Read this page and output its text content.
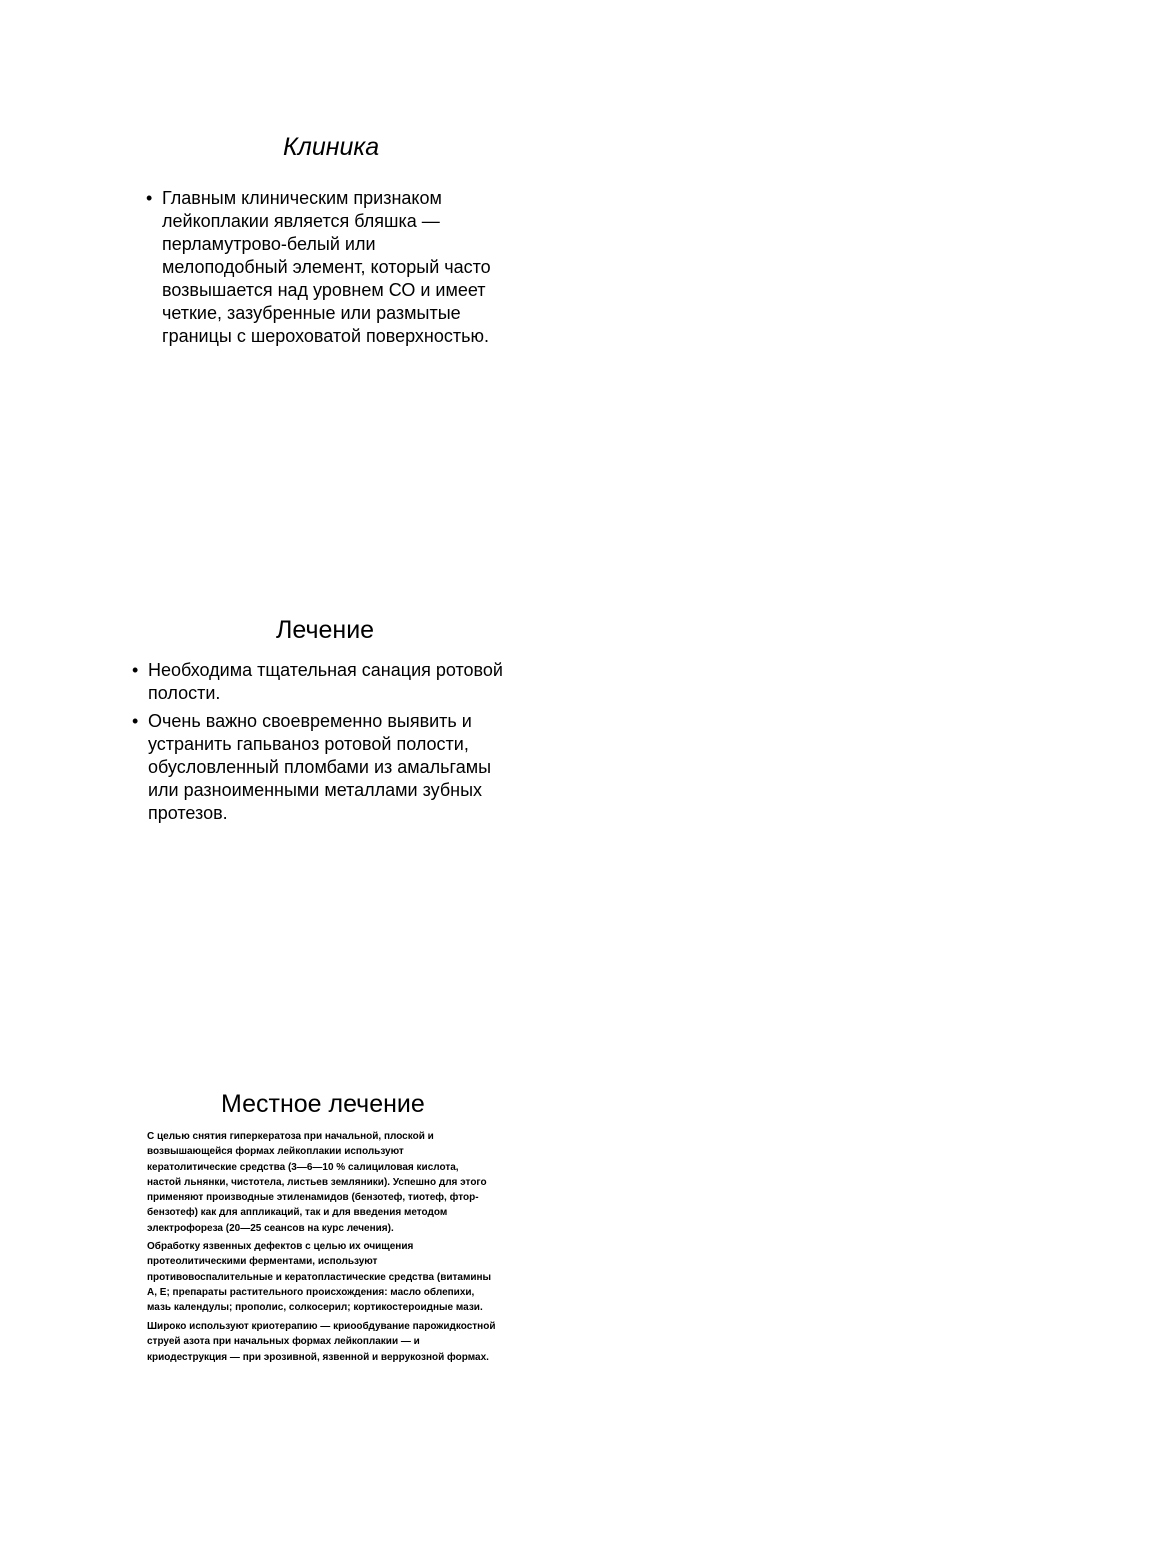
Клиника
• Главным клиническим признаком
лейкоплакии является бляшка —
перламутрово-белый или
мелоподобный элемент, который часто
возвышается над уровнем СО и имеет
четкие, зазубренные или размытые
границы с шероховатой поверхностью.
Лечение
• Необходима тщательная санация ротовой
полости.
• Очень важно своевременно выявить и
устранить гапьваноз ротовой полости,
обусловленный пломбами из амальгамы
или разноименными металлами зубных
протезов.
Местное лечение
С целью снятия гиперкератоза при начальной, плоской и
возвышающейся формах лейкоплакии используют
кератолитические средства (3—6—10 % салициловая кислота,
настой льнянки, чистотела, листьев земляники). Успешно для этого
применяют производные этиленамидов (бензотеф, тиотеф, фтор-
бензотеф) как для аппликаций, так и для введения методом
электрофореза (20—25 сеансов на курс лечения).
Обработку язвенных дефектов с целью их очищения
протеолитическими ферментами, используют
противовоспалительные и кератопластические средства (витамины
А, Е; препараты растительного происхождения: масло облепихи,
мазь календулы; прополис, солкосерил; кортикостероидные мази.
Широко используют криотерапию — криообдувание парожидкостной
струей азота при начальных формах лейкоплакии — и
криодеструкция — при эрозивной, язвенной и веррукозной формах.
